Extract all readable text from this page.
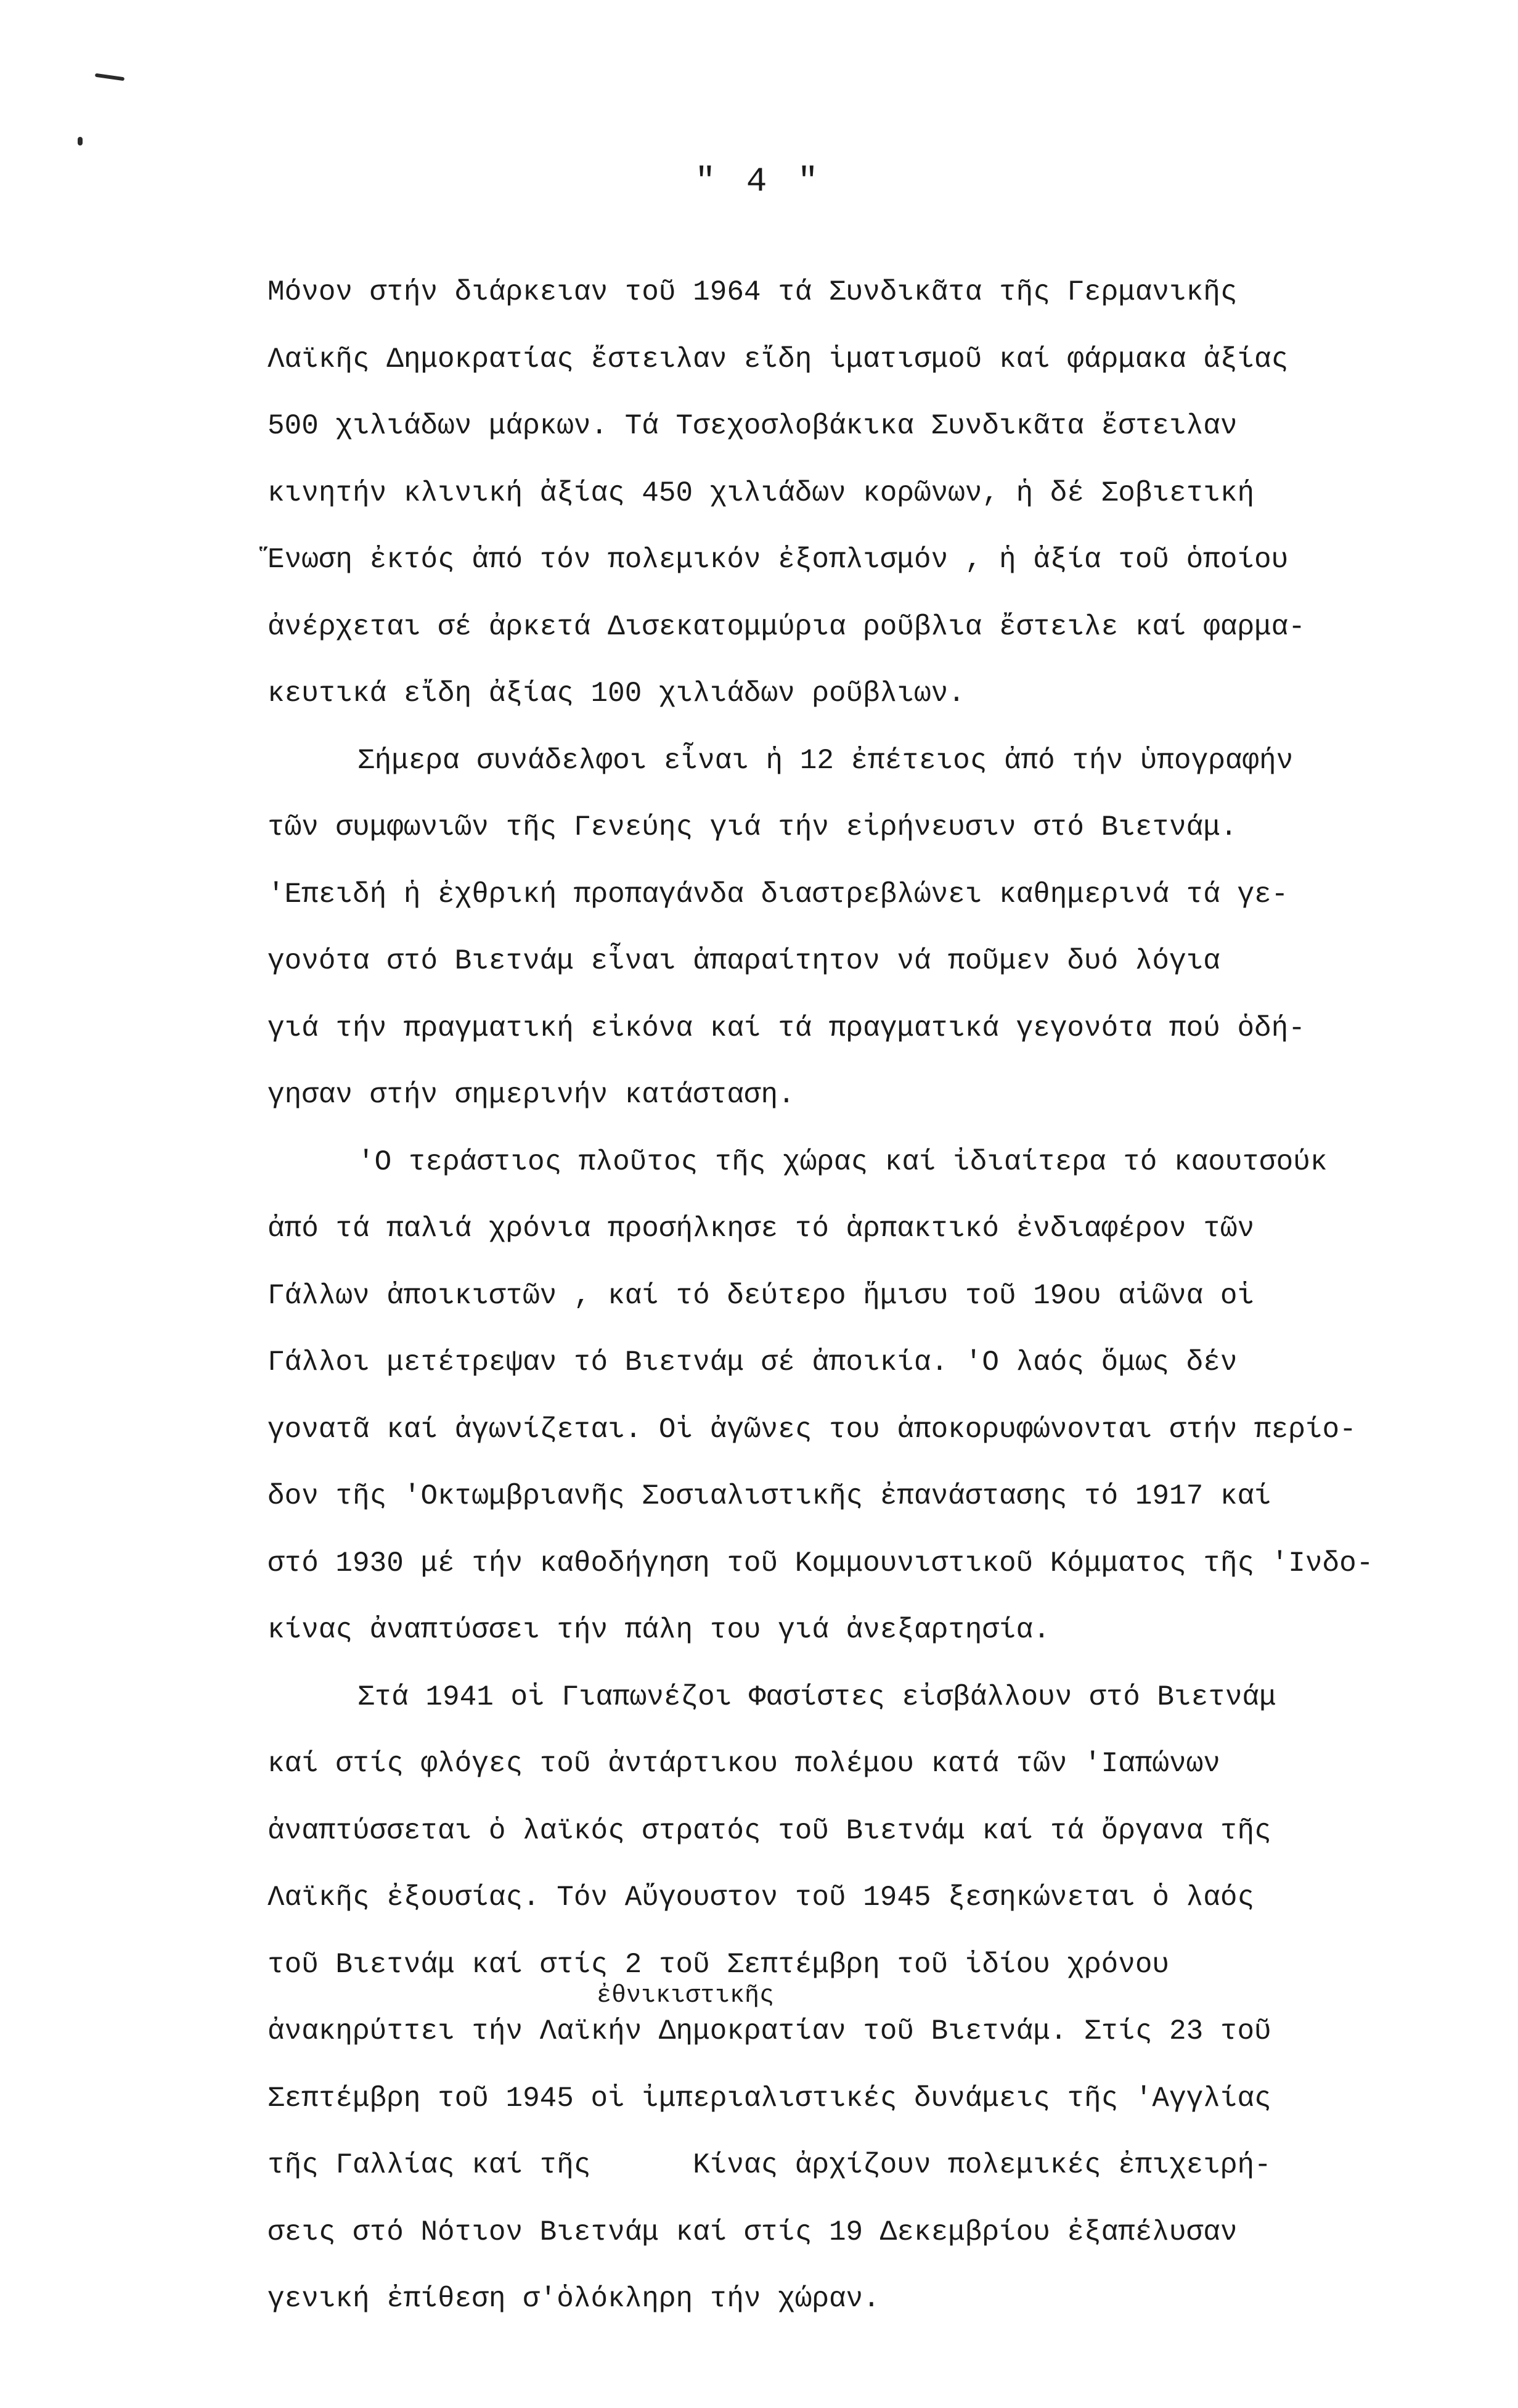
" 4 "
Μόνον στήν διάρκειαν τοῦ 1964 τά Συνδικᾶτα τῆς Γερμανικῆς
Λαϊκῆς Δημοκρατίας ἔστειλαν εἴδη ἱματισμοῦ καί φάρμακα ἀξίας
500 χιλιάδων μάρκων. Τά Τσεχοσλοβάκικα Συνδικᾶτα ἔστειλαν
κινητήν κλινική ἀξίας 450 χιλιάδων κορῶνων, ἡ δέ Σοβιετική
Ἕνωση ἐκτός ἀπό τόν πολεμικόν ἐξοπλισμόν , ἡ ἀξία τοῦ ὁποίου
ἀνέρχεται σέ ἀρκετά Δισεκατομμύρια ροῦβλια ἔστειλε καί φαρμα-
κευτικά εἴδη ἀξίας 100 χιλιάδων ροῦβλιων.
Σήμερα συνάδελφοι εἶναι ἡ 12 ἐπέτειος ἀπό τήν ὑπογραφήν
τῶν συμφωνιῶν τῆς Γενεύης γιά τήν εἰρήνευσιν στό Βιετνάμ.
'Επειδή ἡ ἐχθρική προπαγάνδα διαστρεβλώνει καθημερινά τά γε-
γονότα στό Βιετνάμ εἶναι ἀπαραίτητον νά ποῦμεν δυό λόγια
γιά τήν πραγματική εἰκόνα καί τά πραγματικά γεγονότα πού ὁδή-
γησαν στήν σημερινήν κατάσταση.
'Ο τεράστιος πλοῦτος τῆς χώρας καί ἰδιαίτερα τό καουτσούκ
ἀπό τά παλιά χρόνια προσήλκησε τό ἁρπακτικό ἐνδιαφέρον τῶν
Γάλλων ἀποικιστῶν , καί τό δεύτερο ἥμισυ τοῦ 19ου αἰῶνα οἱ
Γάλλοι μετέτρεψαν τό Βιετνάμ σέ ἀποικία. 'Ο λαός ὅμως δέν
γονατᾶ καί ἀγωνίζεται. Οἱ ἀγῶνες του ἀποκορυφώνονται στήν περίο-
δον τῆς 'Οκτωμβριανῆς Σοσιαλιστικῆς ἐπανάστασης τό 1917 καί
στό 1930 μέ τήν καθοδήγηση τοῦ Κομμουνιστικοῦ Κόμματος τῆς 'Ινδο-
κίνας ἀναπτύσσει τήν πάλη του γιά ἀνεξαρτησία.
Στά 1941 οἱ Γιαπωνέζοι Φασίστες εἰσβάλλουν στό Βιετνάμ
καί στίς φλόγες τοῦ ἀντάρτικου πολέμου κατά τῶν 'Ιαπώνων
ἀναπτύσσεται ὁ λαϊκός στρατός τοῦ Βιετνάμ καί τά ὄργανα τῆς
Λαϊκῆς ἐξουσίας. Τόν Αὔγουστον τοῦ 1945 ξεσηκώνεται ὁ λαός
τοῦ Βιετνάμ καί στίς 2 τοῦ Σεπτέμβρη τοῦ ἰδίου χρόνου
ἀνακηρύττει τήν Λαϊκήν Δημοκρατίαν τοῦ Βιετνάμ. Στίς 23 τοῦ
Σεπτέμβρη τοῦ 1945 οἱ ἰμπεριαλιστικές δυνάμεις τῆς 'Αγγλίας
τῆς Γαλλίας καί τῆς      Κίνας ἀρχίζουν πολεμικές ἐπιχειρή-
σεις στό Νότιον Βιετνάμ καί στίς 19 Δεκεμβρίου ἐξαπέλυσαν
γενική ἐπίθεση σ'ὁλόκληρη τήν χώραν.
ἐθνικιστικῆς
